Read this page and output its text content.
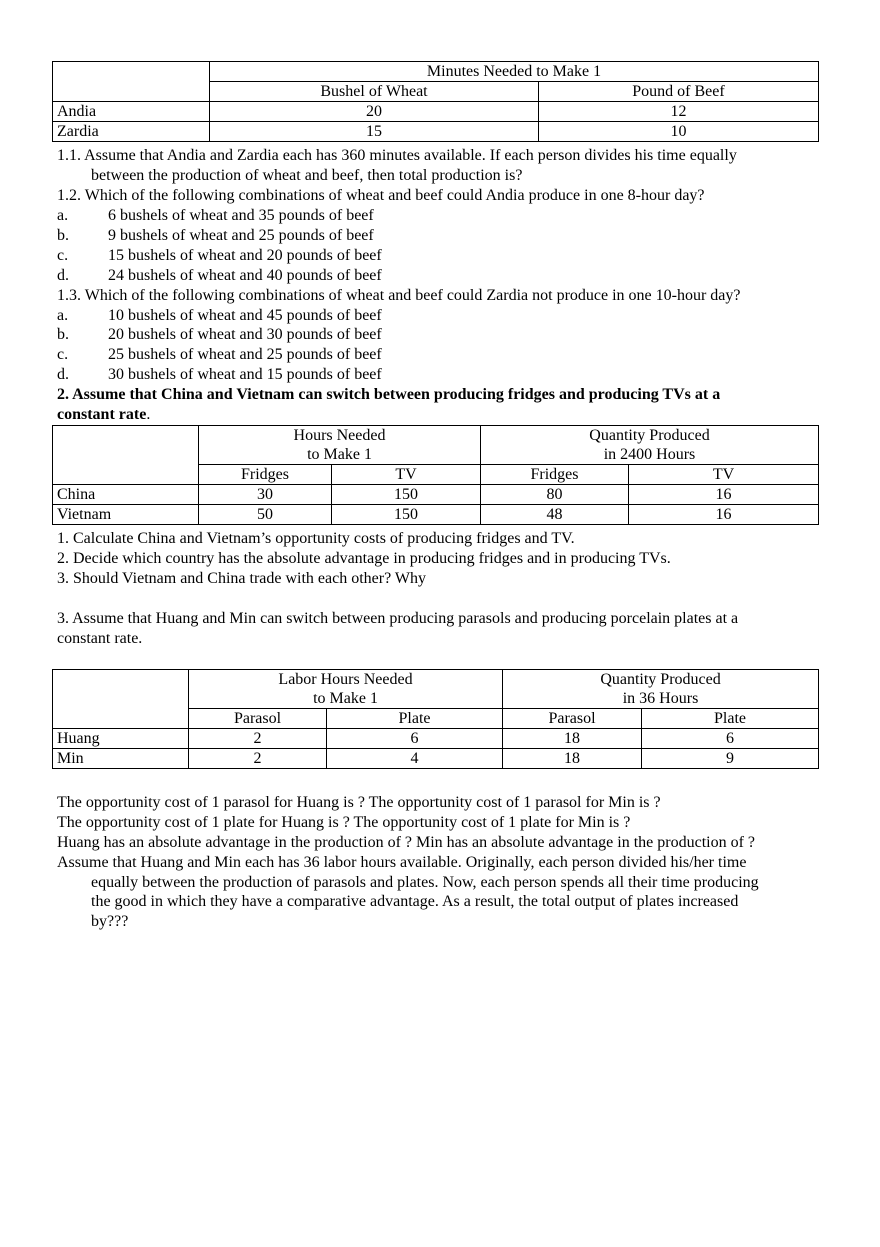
	Minutes Needed to Make 1	
	Bushel of Wheat	Pound of Beef
Andia	20	12
Zardia	15	10
1.1. Assume that Andia and Zardia each has 360 minutes available. If each person divides his time equally
between the production of wheat and beef, then total production is?
1.2. Which of the following combinations of wheat and beef could Andia produce in one 8-hour day?
a. 6 bushels of wheat and 35 pounds of beef
b. 9 bushels of wheat and 25 pounds of beef
c. 15 bushels of wheat and 20 pounds of beef
d. 24 bushels of wheat and 40 pounds of beef
1.3. Which of the following combinations of wheat and beef could Zardia not produce in one 10-hour day?
a. 10 bushels of wheat and 45 pounds of beef
b. 20 bushels of wheat and 30 pounds of beef
c. 25 bushels of wheat and 25 pounds of beef
d. 30 bushels of wheat and 15 pounds of beef
2. Assume that China and Vietnam can switch between producing fridges and producing TVs at a
constant rate.
	Hours Needed
to Make 1		Quantity Produced
in 2400 Hours	
	Fridges	TV	Fridges	TV
China	30	150	80	16
Vietnam	50	150	48	16
1. Calculate China and Vietnam’s opportunity costs of producing fridges and TV.
2. Decide which country has the absolute advantage in producing fridges and in producing TVs.
3. Should Vietnam and China trade with each other? Why
3. Assume that Huang and Min can switch between producing parasols and producing porcelain plates at a
constant rate.
	Labor Hours Needed
to Make 1		Quantity Produced
in 36 Hours	
	Parasol	Plate	Parasol	Plate
Huang	2	6	18	6
Min	2	4	18	9
The opportunity cost of 1 parasol for Huang is ? The opportunity cost of 1 parasol for Min is ?
The opportunity cost of 1 plate for Huang is ? The opportunity cost of 1 plate for Min is ?
Huang has an absolute advantage in the production of ? Min has an absolute advantage in the production of ?
Assume that Huang and Min each has 36 labor hours available. Originally, each person divided his/her time
equally between the production of parasols and plates. Now, each person spends all their time producing
the good in which they have a comparative advantage. As a result, the total output of plates increased
by???
